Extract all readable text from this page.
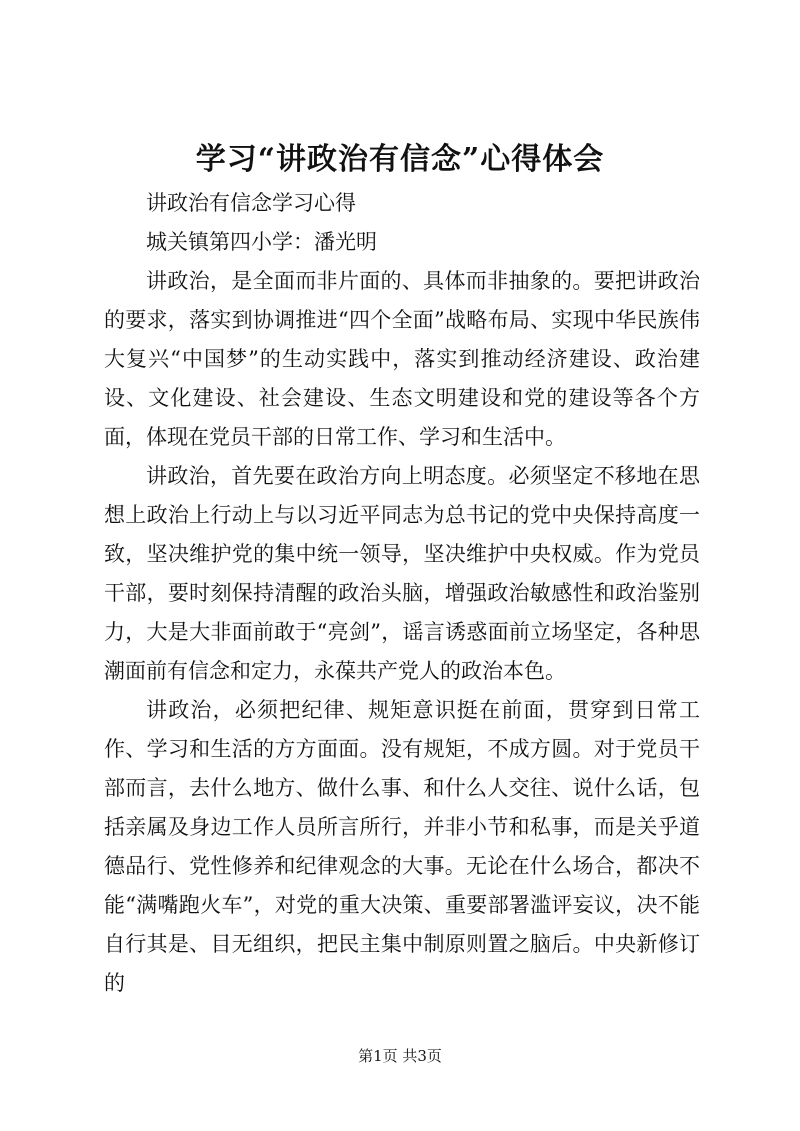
学习“讲政治有信念”心得体会

讲政治有信念学习心得

城关镇第四小学：潘光明

讲政治，是全面而非片面的、具体而非抽象的。要把讲政治的要求，落实到协调推进“四个全面”战略布局、实现中华民族伟大复兴“中国梦”的生动实践中，落实到推动经济建设、政治建设、文化建设、社会建设、生态文明建设和党的建设等各个方面，体现在党员干部的日常工作、学习和生活中。

讲政治，首先要在政治方向上明态度。必须坚定不移地在思想上政治上行动上与以习近平同志为总书记的党中央保持高度一致，坚决维护党的集中统一领导，坚决维护中央权威。作为党员干部，要时刻保持清醒的政治头脑，增强政治敏感性和政治鉴别力，大是大非面前敢于“亮剑”，谣言诱惑面前立场坚定，各种思潮面前有信念和定力，永葆共产党人的政治本色。

讲政治，必须把纪律、规矩意识挺在前面，贯穿到日常工作、学习和生活的方方面面。没有规矩，不成方圆。对于党员干部而言，去什么地方、做什么事、和什么人交往、说什么话，包括亲属及身边工作人员所言所行，并非小节和私事，而是关乎道德品行、党性修养和纪律观念的大事。无论在什么场合，都决不能“满嘴跑火车”，对党的重大决策、重要部署滥评妄议，决不能自行其是、目无组织，把民主集中制原则置之脑后。中央新修订的

第1页 共3页
